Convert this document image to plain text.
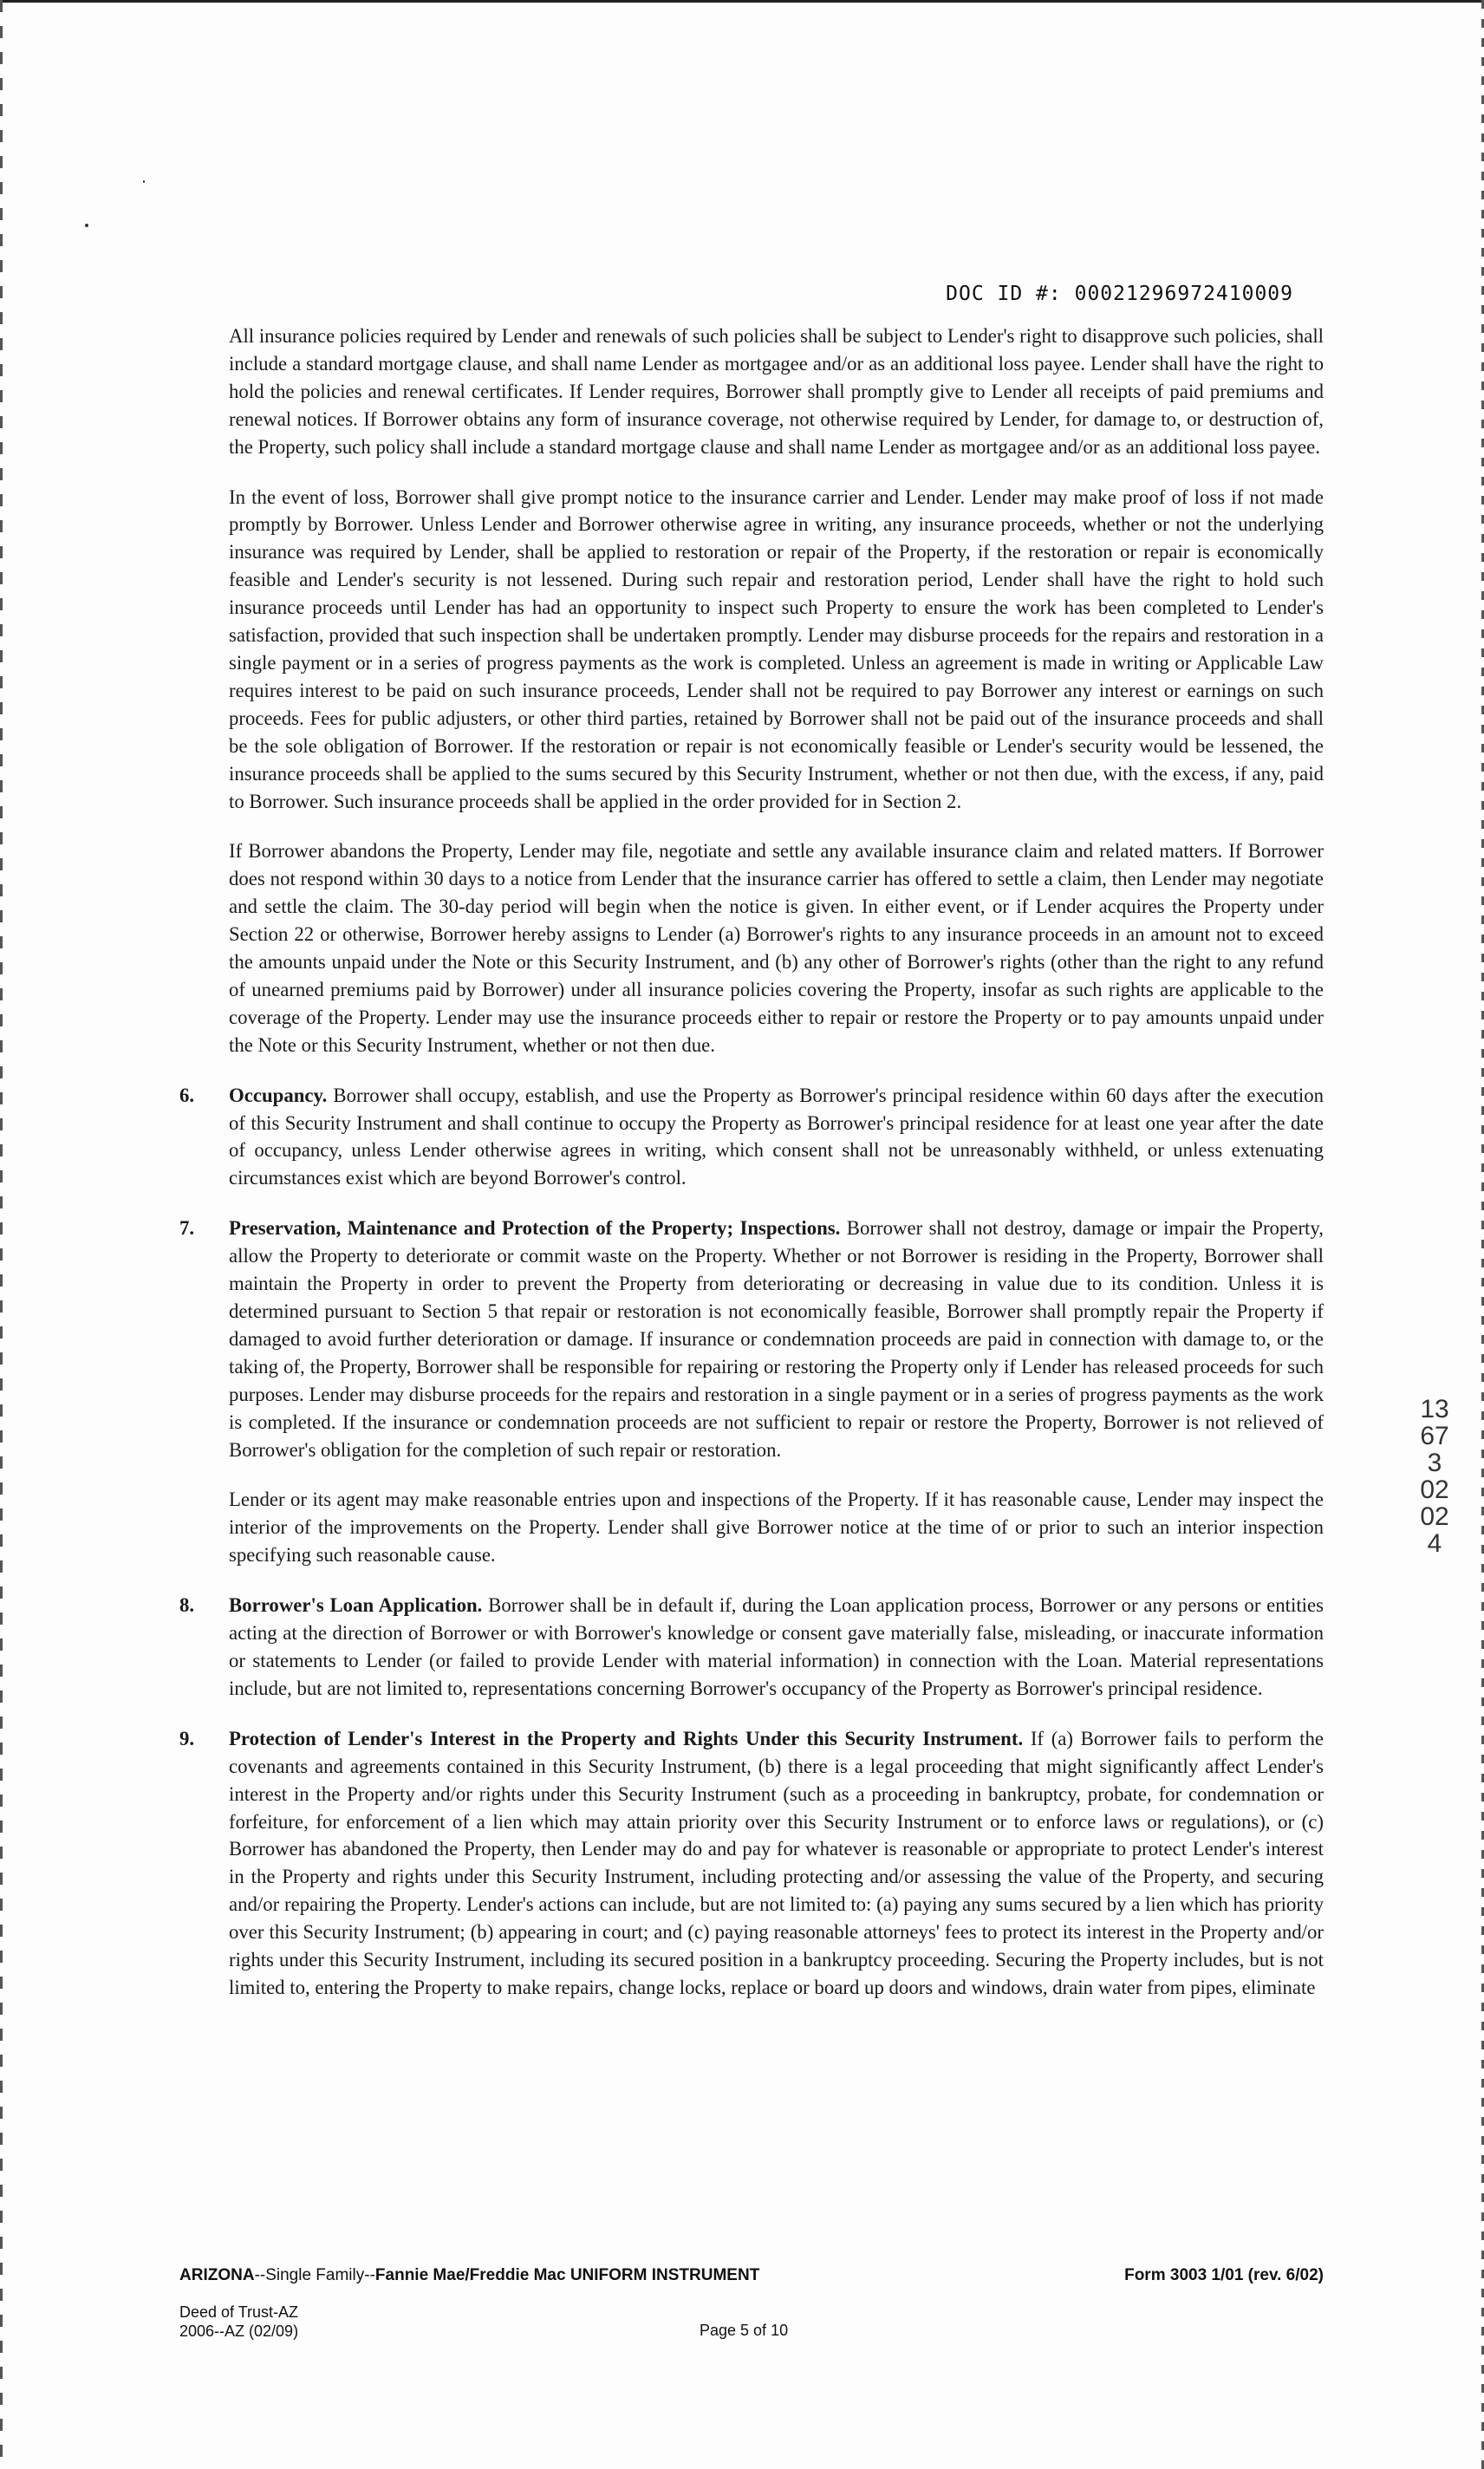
DOC ID #: 00021296972410009

All insurance policies required by Lender and renewals of such policies shall be subject to Lender's right to disapprove such policies, shall include a standard mortgage clause, and shall name Lender as mortgagee and/or as an additional loss payee. Lender shall have the right to hold the policies and renewal certificates. If Lender requires, Borrower shall promptly give to Lender all receipts of paid premiums and renewal notices. If Borrower obtains any form of insurance coverage, not otherwise required by Lender, for damage to, or destruction of, the Property, such policy shall include a standard mortgage clause and shall name Lender as mortgagee and/or as an additional loss payee.

In the event of loss, Borrower shall give prompt notice to the insurance carrier and Lender. Lender may make proof of loss if not made promptly by Borrower. Unless Lender and Borrower otherwise agree in writing, any insurance proceeds, whether or not the underlying insurance was required by Lender, shall be applied to restoration or repair of the Property, if the restoration or repair is economically feasible and Lender's security is not lessened. During such repair and restoration period, Lender shall have the right to hold such insurance proceeds until Lender has had an opportunity to inspect such Property to ensure the work has been completed to Lender's satisfaction, provided that such inspection shall be undertaken promptly. Lender may disburse proceeds for the repairs and restoration in a single payment or in a series of progress payments as the work is completed. Unless an agreement is made in writing or Applicable Law requires interest to be paid on such insurance proceeds, Lender shall not be required to pay Borrower any interest or earnings on such proceeds. Fees for public adjusters, or other third parties, retained by Borrower shall not be paid out of the insurance proceeds and shall be the sole obligation of Borrower. If the restoration or repair is not economically feasible or Lender's security would be lessened, the insurance proceeds shall be applied to the sums secured by this Security Instrument, whether or not then due, with the excess, if any, paid to Borrower. Such insurance proceeds shall be applied in the order provided for in Section 2.

If Borrower abandons the Property, Lender may file, negotiate and settle any available insurance claim and related matters. If Borrower does not respond within 30 days to a notice from Lender that the insurance carrier has offered to settle a claim, then Lender may negotiate and settle the claim. The 30-day period will begin when the notice is given. In either event, or if Lender acquires the Property under Section 22 or otherwise, Borrower hereby assigns to Lender (a) Borrower's rights to any insurance proceeds in an amount not to exceed the amounts unpaid under the Note or this Security Instrument, and (b) any other of Borrower's rights (other than the right to any refund of unearned premiums paid by Borrower) under all insurance policies covering the Property, insofar as such rights are applicable to the coverage of the Property. Lender may use the insurance proceeds either to repair or restore the Property or to pay amounts unpaid under the Note or this Security Instrument, whether or not then due.

6. Occupancy. Borrower shall occupy, establish, and use the Property as Borrower's principal residence within 60 days after the execution of this Security Instrument and shall continue to occupy the Property as Borrower's principal residence for at least one year after the date of occupancy, unless Lender otherwise agrees in writing, which consent shall not be unreasonably withheld, or unless extenuating circumstances exist which are beyond Borrower's control.

7. Preservation, Maintenance and Protection of the Property; Inspections. Borrower shall not destroy, damage or impair the Property, allow the Property to deteriorate or commit waste on the Property. Whether or not Borrower is residing in the Property, Borrower shall maintain the Property in order to prevent the Property from deteriorating or decreasing in value due to its condition. Unless it is determined pursuant to Section 5 that repair or restoration is not economically feasible, Borrower shall promptly repair the Property if damaged to avoid further deterioration or damage. If insurance or condemnation proceeds are paid in connection with damage to, or the taking of, the Property, Borrower shall be responsible for repairing or restoring the Property only if Lender has released proceeds for such purposes. Lender may disburse proceeds for the repairs and restoration in a single payment or in a series of progress payments as the work is completed. If the insurance or condemnation proceeds are not sufficient to repair or restore the Property, Borrower is not relieved of Borrower's obligation for the completion of such repair or restoration.

Lender or its agent may make reasonable entries upon and inspections of the Property. If it has reasonable cause, Lender may inspect the interior of the improvements on the Property. Lender shall give Borrower notice at the time of or prior to such an interior inspection specifying such reasonable cause.

8. Borrower's Loan Application. Borrower shall be in default if, during the Loan application process, Borrower or any persons or entities acting at the direction of Borrower or with Borrower's knowledge or consent gave materially false, misleading, or inaccurate information or statements to Lender (or failed to provide Lender with material information) in connection with the Loan. Material representations include, but are not limited to, representations concerning Borrower's occupancy of the Property as Borrower's principal residence.

9. Protection of Lender's Interest in the Property and Rights Under this Security Instrument. If (a) Borrower fails to perform the covenants and agreements contained in this Security Instrument, (b) there is a legal proceeding that might significantly affect Lender's interest in the Property and/or rights under this Security Instrument (such as a proceeding in bankruptcy, probate, for condemnation or forfeiture, for enforcement of a lien which may attain priority over this Security Instrument or to enforce laws or regulations), or (c) Borrower has abandoned the Property, then Lender may do and pay for whatever is reasonable or appropriate to protect Lender's interest in the Property and rights under this Security Instrument, including protecting and/or assessing the value of the Property, and securing and/or repairing the Property. Lender's actions can include, but are not limited to: (a) paying any sums secured by a lien which has priority over this Security Instrument; (b) appearing in court; and (c) paying reasonable attorneys' fees to protect its interest in the Property and/or rights under this Security Instrument, including its secured position in a bankruptcy proceeding. Securing the Property includes, but is not limited to, entering the Property to make repairs, change locks, replace or board up doors and windows, drain water from pipes, eliminate

13673 0202 4
ARIZONA--Single Family--Fannie Mae/Freddie Mac UNIFORM INSTRUMENT	Form 3003 1/01 (rev. 6/02)
Deed of Trust-AZ
2006--AZ (02/09)	Page 5 of 10
